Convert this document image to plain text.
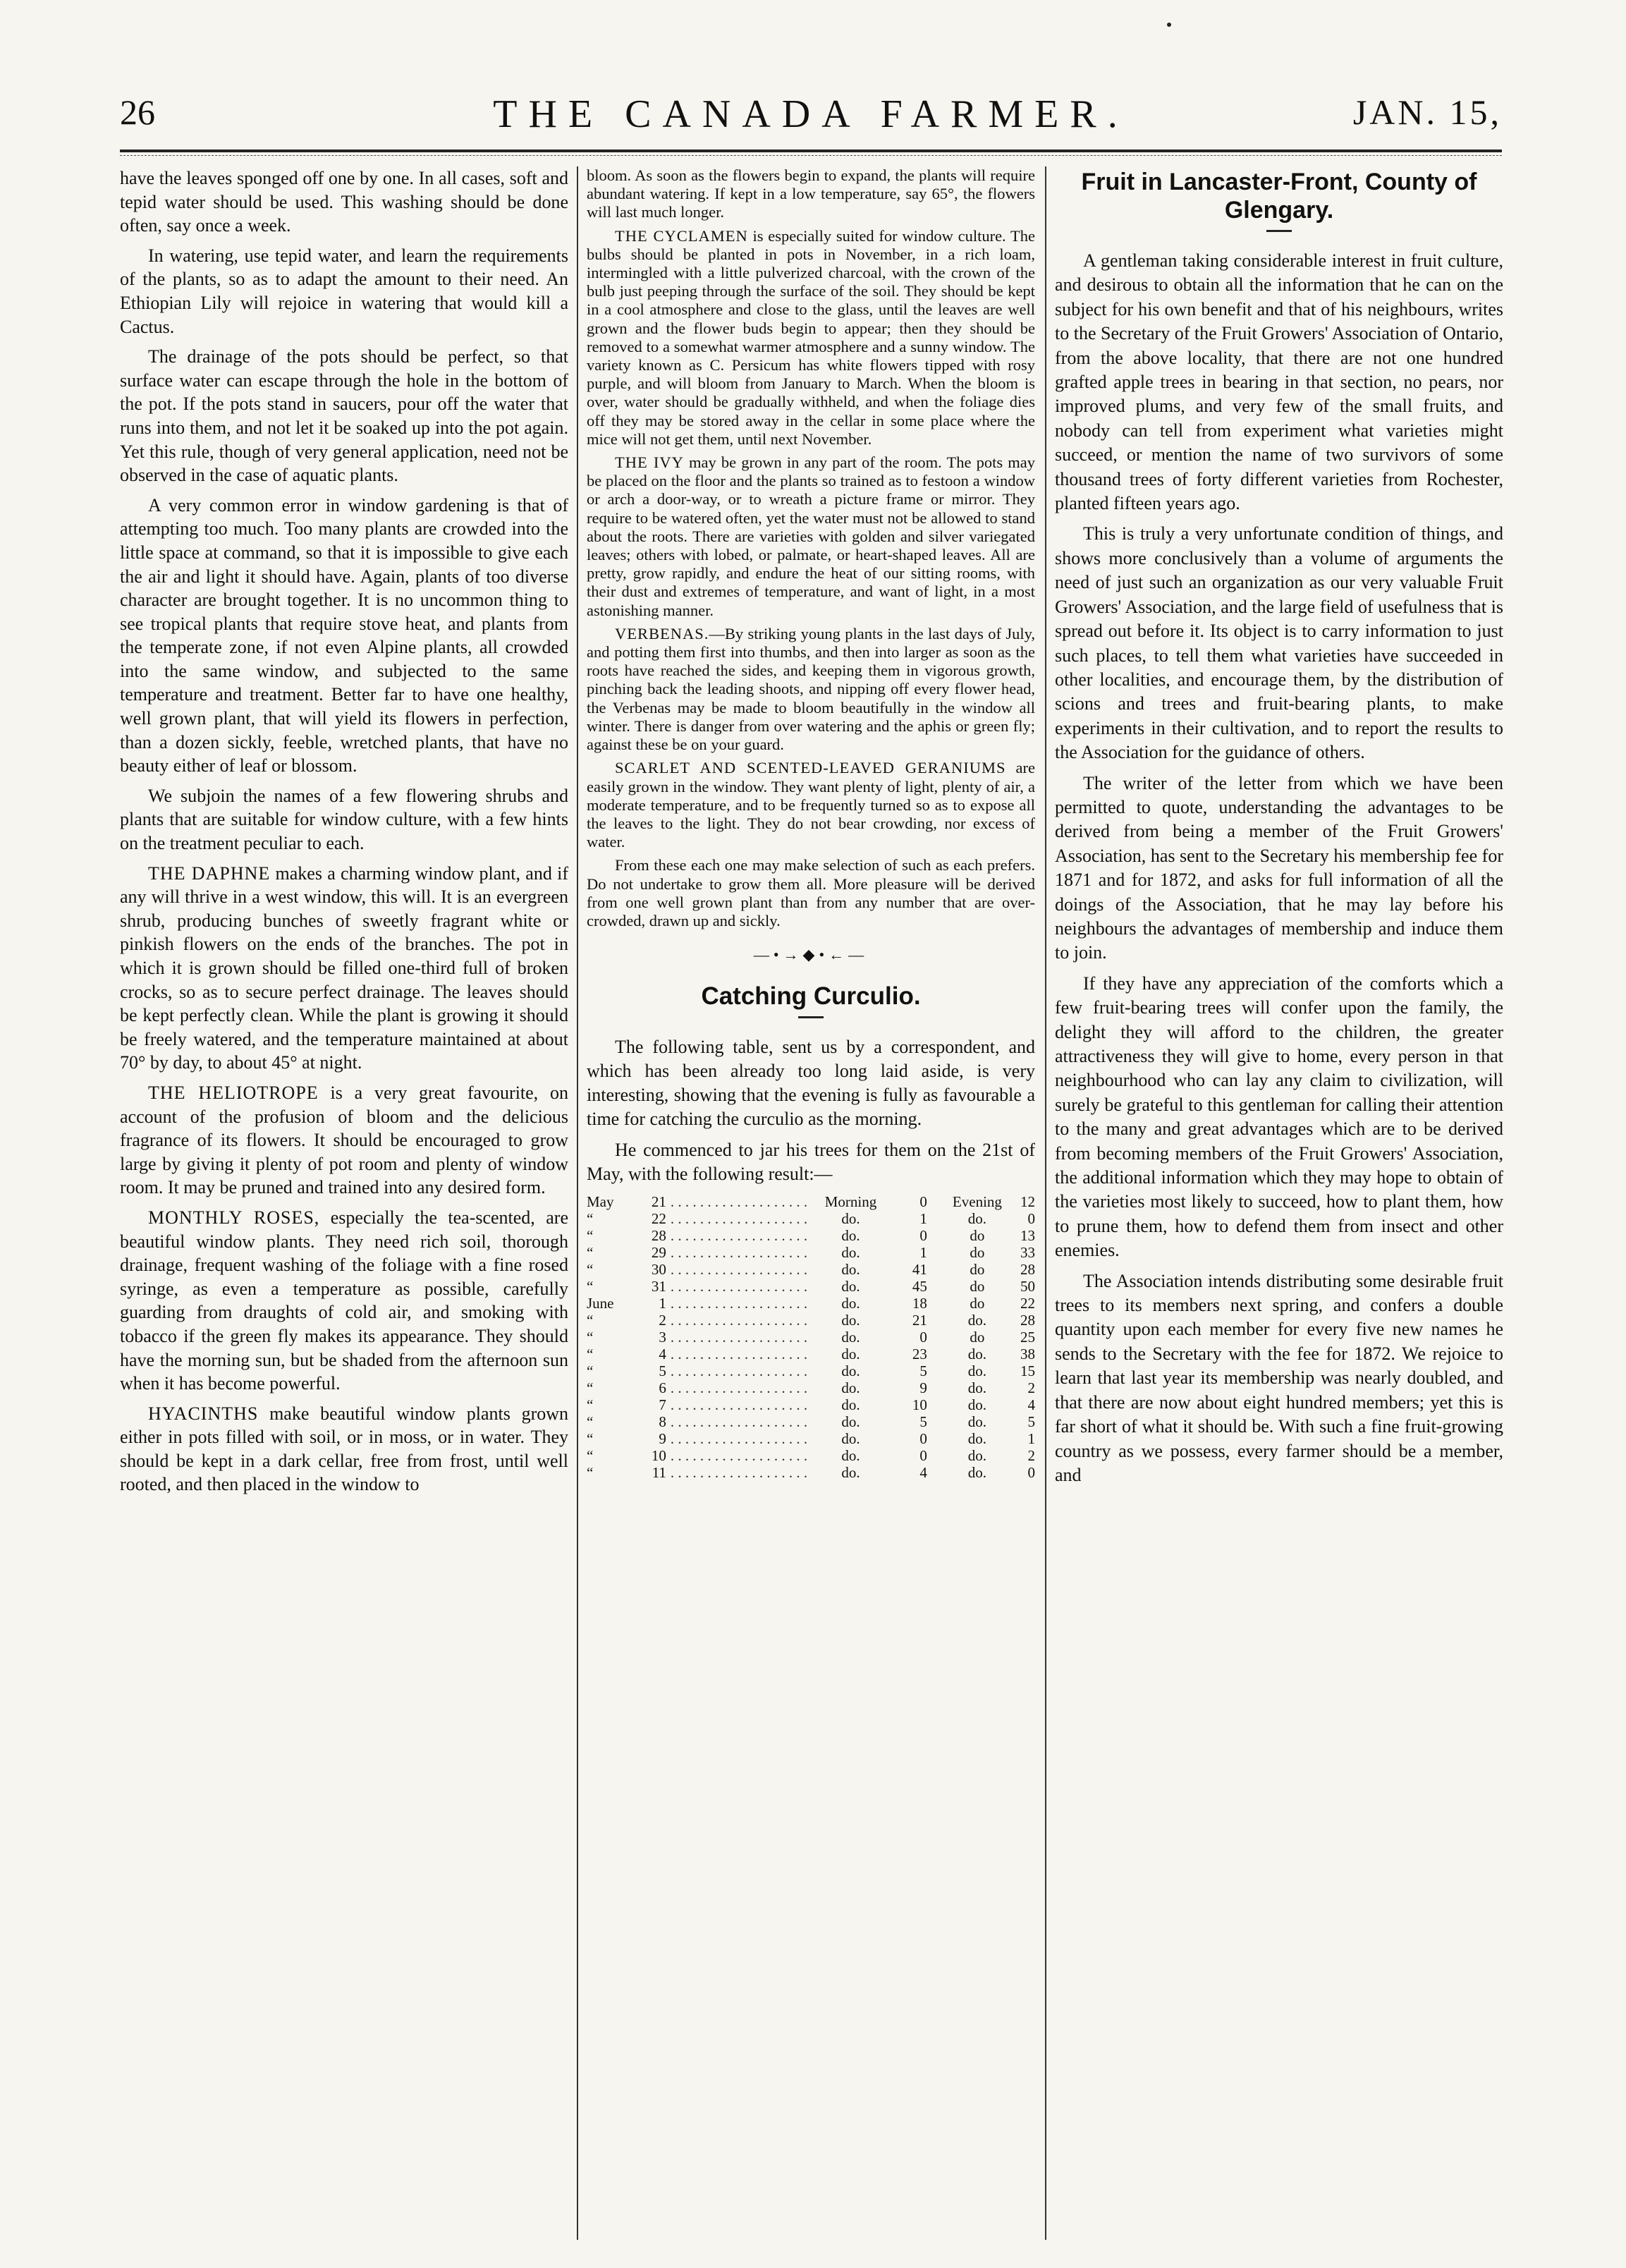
26	THE CANADA FARMER.	JAN. 15,

have the leaves sponged off one by one. In all cases, soft and tepid water should be used. This washing should be done often, say once a week.

In watering, use tepid water, and learn the requirements of the plants, so as to adapt the amount to their need. An Ethiopian Lily will rejoice in watering that would kill a Cactus.

The drainage of the pots should be perfect, so that surface water can escape through the hole in the bottom of the pot. If the pots stand in saucers, pour off the water that runs into them, and not let it be soaked up into the pot again. Yet this rule, though of very general application, need not be observed in the case of aquatic plants.

A very common error in window gardening is that of attempting too much. Too many plants are crowded into the little space at command, so that it is impossible to give each the air and light it should have. Again, plants of too diverse character are brought together. It is no uncommon thing to see tropical plants that require stove heat, and plants from the temperate zone, if not even Alpine plants, all crowded into the same window, and subjected to the same temperature and treatment. Better far to have one healthy, well grown plant, that will yield its flowers in perfection, than a dozen sickly, feeble, wretched plants, that have no beauty either of leaf or blossom.

We subjoin the names of a few flowering shrubs and plants that are suitable for window culture, with a few hints on the treatment peculiar to each.

THE DAPHNE makes a charming window plant, and if any will thrive in a west window, this will. It is an evergreen shrub, producing bunches of sweetly fragrant white or pinkish flowers on the ends of the branches. The pot in which it is grown should be filled one-third full of broken crocks, so as to secure perfect drainage. The leaves should be kept perfectly clean. While the plant is growing it should be freely watered, and the temperature maintained at about 70° by day, to about 45° at night.

THE HELIOTROPE is a very great favourite, on account of the profusion of bloom and the delicious fragrance of its flowers. It should be encouraged to grow large by giving it plenty of pot room and plenty of window room. It may be pruned and trained into any desired form.

MONTHLY ROSES, especially the tea-scented, are beautiful window plants. They need rich soil, thorough drainage, frequent washing of the foliage with a fine rosed syringe, as even a temperature as possible, carefully guarding from draughts of cold air, and smoking with tobacco if the green fly makes its appearance. They should have the morning sun, but be shaded from the afternoon sun when it has become powerful.

HYACINTHS make beautiful window plants grown either in pots filled with soil, or in moss, or in water. They should be kept in a dark cellar, free from frost, until well rooted, and then placed in the window to

bloom. As soon as the flowers begin to expand, the plants will require abundant watering. If kept in a low temperature, say 65°, the flowers will last much longer.

THE CYCLAMEN is especially suited for window culture. The bulbs should be planted in pots in November, in a rich loam, intermingled with a little pulverized charcoal, with the crown of the bulb just peeping through the surface of the soil. They should be kept in a cool atmosphere and close to the glass, until the leaves are well grown and the flower buds begin to appear; then they should be removed to a somewhat warmer atmosphere and a sunny window. The variety known as C. Persicum has white flowers tipped with rosy purple, and will bloom from January to March. When the bloom is over, water should be gradually withheld, and when the foliage dies off they may be stored away in the cellar in some place where the mice will not get them, until next November.

THE IVY may be grown in any part of the room. The pots may be placed on the floor and the plants so trained as to festoon a window or arch a door-way, or to wreath a picture frame or mirror. They require to be watered often, yet the water must not be allowed to stand about the roots. There are varieties with golden and silver variegated leaves; others with lobed, or palmate, or heart-shaped leaves. All are pretty, grow rapidly, and endure the heat of our sitting rooms, with their dust and extremes of temperature, and want of light, in a most astonishing manner.

VERBENAS.—By striking young plants in the last days of July, and potting them first into thumbs, and then into larger as soon as the roots have reached the sides, and keeping them in vigorous growth, pinching back the leading shoots, and nipping off every flower head, the Verbenas may be made to bloom beautifully in the window all winter. There is danger from over watering and the aphis or green fly; against these be on your guard.

SCARLET AND SCENTED-LEAVED GERANIUMS are easily grown in the window. They want plenty of light, plenty of air, a moderate temperature, and to be frequently turned so as to expose all the leaves to the light. They do not bear crowding, nor excess of water.

From these each one may make selection of such as each prefers. Do not undertake to grow them all. More pleasure will be derived from one well grown plant than from any number that are over-crowded, drawn up and sickly.

—•→◆•←—
Catching Curculio.

The following table, sent us by a correspondent, and which has been already too long laid aside, is very interesting, showing that the evening is fully as favourable a time for catching the curculio as the morning.

He commenced to jar his trees for them on the 21st of May, with the following result:—

May	21	. . .	Morning	0	Evening	12
“	22	. . .	do.	1	do.	0
“	28	. . .	do.	0	do	13
“	29	. . .	do.	1	do	33
“	30	. . .	do.	41	do	28
“	31	. . .	do.	45	do	50
June	1	. . .	do.	18	do	22
“	2	. . .	do.	21	do.	28
“	3	. . .	do.	0	do	25
“	4	. . .	do.	23	do.	38
“	5	. . .	do.	5	do.	15
“	6	. . .	do.	9	do.	2
“	7	. . .	do.	10	do.	4
“	8	. . .	do.	5	do.	5
“	9	. . .	do.	0	do.	1
“	10	. . .	do.	0	do.	2
“	11	. . .	do.	4	do.	0
Fruit in Lancaster-Front, County of Glengary.

A gentleman taking considerable interest in fruit culture, and desirous to obtain all the information that he can on the subject for his own benefit and that of his neighbours, writes to the Secretary of the Fruit Growers' Association of Ontario, from the above locality, that there are not one hundred grafted apple trees in bearing in that section, no pears, nor improved plums, and very few of the small fruits, and nobody can tell from experiment what varieties might succeed, or mention the name of two survivors of some thousand trees of forty different varieties from Rochester, planted fifteen years ago.

This is truly a very unfortunate condition of things, and shows more conclusively than a volume of arguments the need of just such an organization as our very valuable Fruit Growers' Association, and the large field of usefulness that is spread out before it. Its object is to carry information to just such places, to tell them what varieties have succeeded in other localities, and encourage them, by the distribution of scions and trees and fruit-bearing plants, to make experiments in their cultivation, and to report the results to the Association for the guidance of others.

The writer of the letter from which we have been permitted to quote, understanding the advantages to be derived from being a member of the Fruit Growers' Association, has sent to the Secretary his membership fee for 1871 and for 1872, and asks for full information of all the doings of the Association, that he may lay before his neighbours the advantages of membership and induce them to join.

If they have any appreciation of the comforts which a few fruit-bearing trees will confer upon the family, the delight they will afford to the children, the greater attractiveness they will give to home, every person in that neighbourhood who can lay any claim to civilization, will surely be grateful to this gentleman for calling their attention to the many and great advantages which are to be derived from becoming members of the Fruit Growers' Association, the additional information which they may hope to obtain of the varieties most likely to succeed, how to plant them, how to prune them, how to defend them from insect and other enemies.

The Association intends distributing some desirable fruit trees to its members next spring, and confers a double quantity upon each member for every five new names he sends to the Secretary with the fee for 1872. We rejoice to learn that last year its membership was nearly doubled, and that there are now about eight hundred members; yet this is far short of what it should be. With such a fine fruit-growing country as we possess, every farmer should be a member, and
